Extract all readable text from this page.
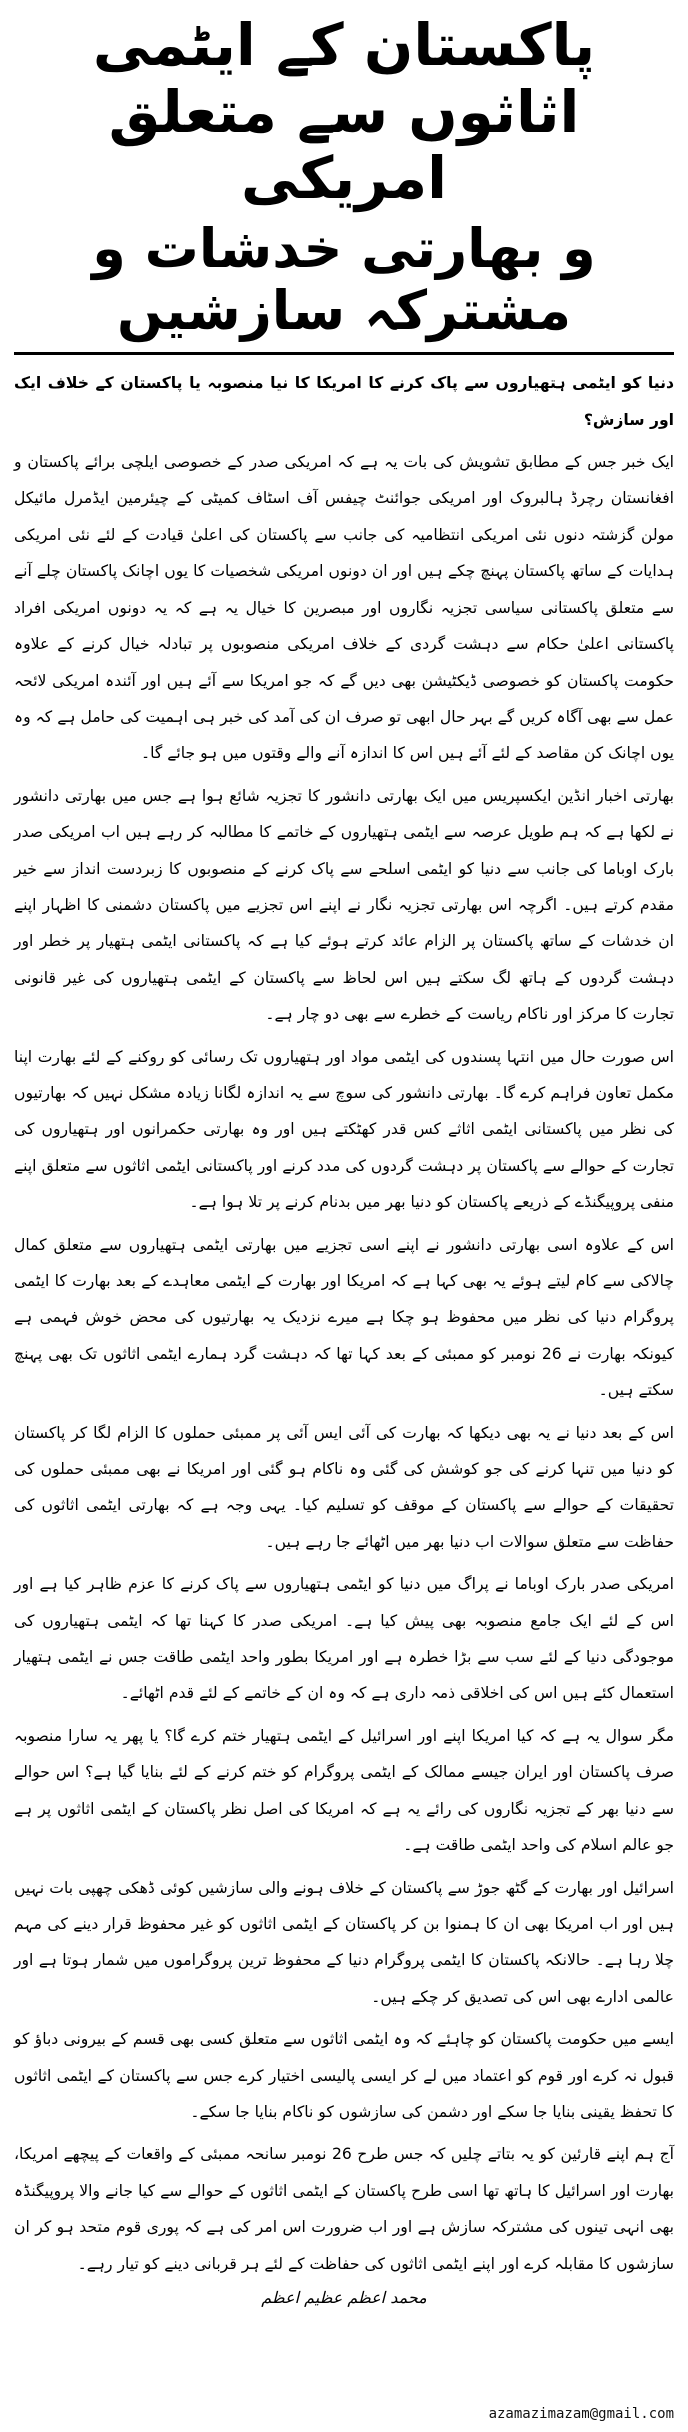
پاکستان کے ایٹمی اثاثوں سے متعلق امریکی
و بھارتی خدشات و مشترکہ سازشیں

دنیا کو ایٹمی ہتھیاروں سے پاک کرنے کا امریکا کا نیا منصوبہ یا پاکستان کے خلاف ایک اور سازش؟

ایک خبر جس کے مطابق تشویش کی بات یہ ہے کہ امریکی صدر کے خصوصی ایلچی برائے پاکستان و افغانستان رچرڈ ہالبروک اور امریکی جوائنٹ چیفس آف اسٹاف کمیٹی کے چیئرمین ایڈمرل مائیکل مولن گزشتہ دنوں نئی امریکی انتظامیہ کی جانب سے پاکستان کی اعلیٰ قیادت کے لئے نئی امریکی ہدایات کے ساتھ پاکستان پہنچ چکے ہیں اور ان دونوں امریکی شخصیات کا یوں اچانک پاکستان چلے آنے سے متعلق پاکستانی سیاسی تجزیہ نگاروں اور مبصرین کا خیال یہ ہے کہ یہ دونوں امریکی افراد پاکستانی اعلیٰ حکام سے دہشت گردی کے خلاف امریکی منصوبوں پر تبادلہ خیال کرنے کے علاوہ حکومت پاکستان کو خصوصی ڈیکٹیشن بھی دیں گے کہ جو امریکا سے آئے ہیں اور آئندہ امریکی لائحہ عمل سے بھی آگاہ کریں گے بہر حال ابھی تو صرف ان کی آمد کی خبر ہی اہمیت کی حامل ہے کہ وہ یوں اچانک کن مقاصد کے لئے آئے ہیں اس کا اندازہ آنے والے وقتوں میں ہو جائے گا۔

بھارتی اخبار انڈین ایکسپریس میں ایک بھارتی دانشور کا تجزیہ شائع ہوا ہے جس میں بھارتی دانشور نے لکھا ہے کہ ہم طویل عرصہ سے ایٹمی ہتھیاروں کے خاتمے کا مطالبہ کر رہے ہیں اب امریکی صدر بارک اوباما کی جانب سے دنیا کو ایٹمی اسلحے سے پاک کرنے کے منصوبوں کا زبردست انداز سے خیر مقدم کرتے ہیں۔ اگرچہ اس بھارتی تجزیہ نگار نے اپنے اس تجزیے میں پاکستان دشمنی کا اظہار اپنے ان خدشات کے ساتھ پاکستان پر الزام عائد کرتے ہوئے کیا ہے کہ پاکستانی ایٹمی ہتھیار پر خطر اور دہشت گردوں کے ہاتھ لگ سکتے ہیں اس لحاظ سے پاکستان کے ایٹمی ہتھیاروں کی غیر قانونی تجارت کا مرکز اور ناکام ریاست کے خطرے سے بھی دو چار ہے۔

اس صورت حال میں انتہا پسندوں کی ایٹمی مواد اور ہتھیاروں تک رسائی کو روکنے کے لئے بھارت اپنا مکمل تعاون فراہم کرے گا۔ بھارتی دانشور کی سوچ سے یہ اندازہ لگانا زیادہ مشکل نہیں کہ بھارتیوں کی نظر میں پاکستانی ایٹمی اثاثے کس قدر کھٹکتے ہیں اور وہ بھارتی حکمرانوں اور ہتھیاروں کی تجارت کے حوالے سے پاکستان پر دہشت گردوں کی مدد کرنے اور پاکستانی ایٹمی اثاثوں سے متعلق اپنے منفی پروپیگنڈے کے ذریعے پاکستان کو دنیا بھر میں بدنام کرنے پر تلا ہوا ہے۔

اس کے علاوہ اسی بھارتی دانشور نے اپنے اسی تجزیے میں بھارتی ایٹمی ہتھیاروں سے متعلق کمال چالاکی سے کام لیتے ہوئے یہ بھی کہا ہے کہ امریکا اور بھارت کے ایٹمی معاہدے کے بعد بھارت کا ایٹمی پروگرام دنیا کی نظر میں محفوظ ہو چکا ہے میرے نزدیک یہ بھارتیوں کی محض خوش فہمی ہے کیونکہ بھارت نے 26 نومبر کو ممبئی کے بعد کہا تھا کہ دہشت گرد ہمارے ایٹمی اثاثوں تک بھی پہنچ سکتے ہیں۔

اس کے بعد دنیا نے یہ بھی دیکھا کہ بھارت کی آئی ایس آئی پر ممبئی حملوں کا الزام لگا کر پاکستان کو دنیا میں تنہا کرنے کی جو کوشش کی گئی وہ ناکام ہو گئی اور امریکا نے بھی ممبئی حملوں کی تحقیقات کے حوالے سے پاکستان کے موقف کو تسلیم کیا۔ یہی وجہ ہے کہ بھارتی ایٹمی اثاثوں کی حفاظت سے متعلق سوالات اب دنیا بھر میں اٹھائے جا رہے ہیں۔

امریکی صدر بارک اوباما نے پراگ میں دنیا کو ایٹمی ہتھیاروں سے پاک کرنے کا عزم ظاہر کیا ہے اور اس کے لئے ایک جامع منصوبہ بھی پیش کیا ہے۔ امریکی صدر کا کہنا تھا کہ ایٹمی ہتھیاروں کی موجودگی دنیا کے لئے سب سے بڑا خطرہ ہے اور امریکا بطور واحد ایٹمی طاقت جس نے ایٹمی ہتھیار استعمال کئے ہیں اس کی اخلاقی ذمہ داری ہے کہ وہ ان کے خاتمے کے لئے قدم اٹھائے۔

مگر سوال یہ ہے کہ کیا امریکا اپنے اور اسرائیل کے ایٹمی ہتھیار ختم کرے گا؟ یا پھر یہ سارا منصوبہ صرف پاکستان اور ایران جیسے ممالک کے ایٹمی پروگرام کو ختم کرنے کے لئے بنایا گیا ہے؟ اس حوالے سے دنیا بھر کے تجزیہ نگاروں کی رائے یہ ہے کہ امریکا کی اصل نظر پاکستان کے ایٹمی اثاثوں پر ہے جو عالم اسلام کی واحد ایٹمی طاقت ہے۔

اسرائیل اور بھارت کے گٹھ جوڑ سے پاکستان کے خلاف ہونے والی سازشیں کوئی ڈھکی چھپی بات نہیں ہیں اور اب امریکا بھی ان کا ہمنوا بن کر پاکستان کے ایٹمی اثاثوں کو غیر محفوظ قرار دینے کی مہم چلا رہا ہے۔ حالانکہ پاکستان کا ایٹمی پروگرام دنیا کے محفوظ ترین پروگراموں میں شمار ہوتا ہے اور عالمی ادارے بھی اس کی تصدیق کر چکے ہیں۔

ایسے میں حکومت پاکستان کو چاہئے کہ وہ ایٹمی اثاثوں سے متعلق کسی بھی قسم کے بیرونی دباؤ کو قبول نہ کرے اور قوم کو اعتماد میں لے کر ایسی پالیسی اختیار کرے جس سے پاکستان کے ایٹمی اثاثوں کا تحفظ یقینی بنایا جا سکے اور دشمن کی سازشوں کو ناکام بنایا جا سکے۔

آج ہم اپنے قارئین کو یہ بتاتے چلیں کہ جس طرح 26 نومبر سانحہ ممبئی کے واقعات کے پیچھے امریکا، بھارت اور اسرائیل کا ہاتھ تھا اسی طرح پاکستان کے ایٹمی اثاثوں کے حوالے سے کیا جانے والا پروپیگنڈہ بھی انہی تینوں کی مشترکہ سازش ہے اور اب ضرورت اس امر کی ہے کہ پوری قوم متحد ہو کر ان سازشوں کا مقابلہ کرے اور اپنے ایٹمی اثاثوں کی حفاظت کے لئے ہر قربانی دینے کو تیار رہے۔

محمد اعظم عظیم اعظم
azamazimazam@gmail.com
